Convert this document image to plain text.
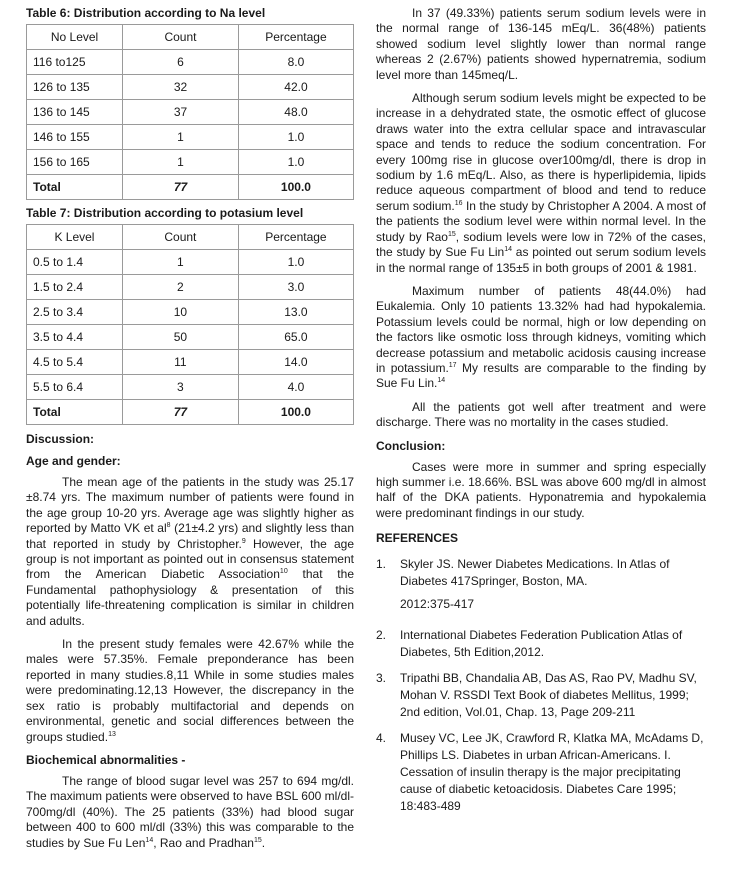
Table 6: Distribution according to Na level
No Level	Count	Percentage
116 to125	6	8.0
126 to 135	32	42.0
136 to 145	37	48.0
146 to 155	1	1.0
156 to 165	1	1.0
Total	77	100.0
Table 7: Distribution according to potasium level
K Level	Count	Percentage
0.5 to 1.4	1	1.0
1.5 to 2.4	2	3.0
2.5 to 3.4	10	13.0
3.5 to 4.4	50	65.0
4.5 to 5.4	11	14.0
5.5 to 6.4	3	4.0
Total	77	100.0
Discussion:
Age and gender:

The mean age of the patients in the study was 25.17 ±8.74 yrs. The maximum number of patients were found in the age group 10-20 yrs. Average age was slightly higher as reported by Matto VK et $al^8$ (21±4.2 yrs) and slightly less than that reported in study by Christopher.$^9$ However, the age group is not important as pointed out in consensus statement from the American Diabetic Association$^{10}$ that the Fundamental pathophysiology & presentation of this potentially life-threatening complication is similar in children and adults.

In the present study females were 42.67% while the males were 57.35%. Female preponderance has been reported in many studies.8,11 While in some studies males were predominating.12,13 However, the discrepancy in the sex ratio is probably multifactorial and depends on environmental, genetic and social differences between the groups studied.$^{13}$

Biochemical abnormalities -

The range of blood sugar level was 257 to 694 mg/dl. The maximum patients were observed to have BSL 600 ml/dl-700mg/dl (40%). The 25 patients (33%) had blood sugar between 400 to 600 ml/dl (33%) this was comparable to the studies by Sue Fu Len$^{14}$, Rao and Pradhan$^{15}$.

In 37 (49.33%) patients serum sodium levels were in the normal range of 136-145 mEq/L. 36(48%) patients showed sodium level slightly lower than normal range whereas 2 (2.67%) patients showed hypernatremia, sodium level more than 145meq/L.

Although serum sodium levels might be expected to be increase in a dehydrated state, the osmotic effect of glucose draws water into the extra cellular space and intravascular space and tends to reduce the sodium concentration. For every 100mg rise in glucose over100mg/dl, there is drop in sodium by 1.6 mEq/L. Also, as there is hyperlipidemia, lipids reduce aqueous compartment of blood and tend to reduce serum sodium.$^{16}$ In the study by Christopher A 2004. A most of the patients the sodium level were within normal level. In the study by Rao$^{15}$, sodium levels were low in 72% of the cases, the study by Sue Fu Lin$^{14}$ as pointed out serum sodium levels in the normal range of 135±5 in both groups of 2001 & 1981.

Maximum number of patients 48(44.0%) had Eukalemia. Only 10 patients 13.32% had had hypokalemia. Potassium levels could be normal, high or low depending on the factors like osmotic loss through kidneys, vomiting which decrease potassium and metabolic acidosis causing increase in potassium.$^{17}$ My results are comparable to the finding by Sue Fu Lin.$^{14}$

All the patients got well after treatment and were discharge. There was no mortality in the cases studied.

Conclusion:

Cases were more in summer and spring especially high summer i.e. 18.66%. BSL was above 600 mg/dl in almost half of the DKA patients. Hyponatremia and hypokalemia were predominant findings in our study.

REFERENCES
1. Skyler JS. Newer Diabetes Medications. In Atlas of Diabetes 417Springer, Boston, MA.
2012:375-417
2. International Diabetes Federation Publication Atlas of Diabetes, 5th Edition,2012.
3. Tripathi BB, Chandalia AB, Das AS, Rao PV, Madhu SV, Mohan V. RSSDI Text Book of diabetes Mellitus, 1999; 2nd edition, Vol.01, Chap. 13, Page 209-211
4. Musey VC, Lee JK, Crawford R, Klatka MA, McAdams D, Phillips LS. Diabetes in urban African-Americans. I. Cessation of insulin therapy is the major precipitating cause of diabetic ketoacidosis. Diabetes Care 1995; 18:483-489
